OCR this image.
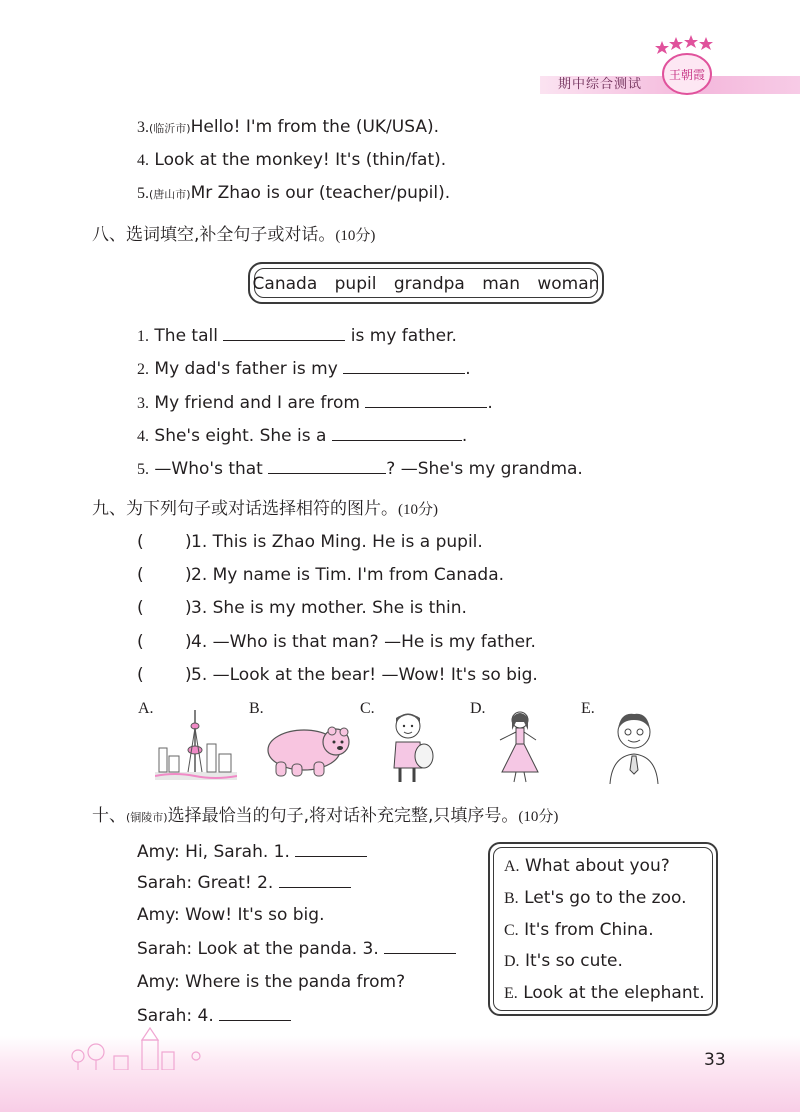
期中综合测试
王朝霞
3.(临沂市)Hello! I'm from the (UK/USA).
4. Look at the monkey! It's (thin/fat).
5.(唐山市)Mr Zhao is our (teacher/pupil).
八、选词填空,补全句子或对话。(10分)
Canada pupil grandpa man woman
1. The tall	is my father.
2. My dad's father is my	.
3. My friend and I are from	.
4. She's eight. She is a	.
5. —Who's that	? —She's my grandma.
九、为下列句子或对话选择相符的图片。(10分)
( ) 1. This is Zhao Ming. He is a pupil.
( ) 2. My name is Tim. I'm from Canada.
( ) 3. She is my mother. She is thin.
( ) 4. —Who is that man? —He is my father.
( ) 5. —Look at the bear! —Wow! It's so big.
A.	B.	C.	D.	E.
十、(铜陵市)选择最恰当的句子,将对话补充完整,只填序号。(10分)
Amy: Hi, Sarah. 1.
Sarah: Great! 2.
Amy: Wow! It's so big.
Sarah: Look at the panda. 3.
Amy: Where is the panda from?
Sarah: 4.
A. What about you?
B. Let's go to the zoo.
C. It's from China.
D. It's so cute.
E. Look at the elephant.
33
